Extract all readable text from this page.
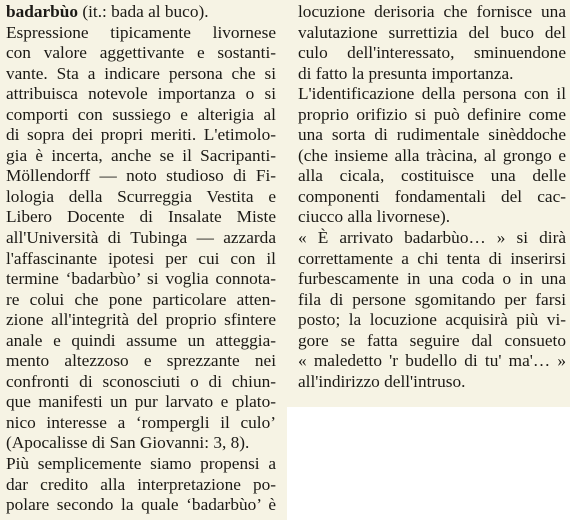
badarbùo (it.: bada al buco).
Espressione tipicamente livornese
con valore aggettivante e sostanti-
vante. Sta a indicare persona che si
attribuisca notevole importanza o si
comporti con sussiego e alterigia al
di sopra dei propri meriti. L'etimolo-
gia è incerta, anche se il Sacripanti-
Möllendorff — noto studioso di Fi-
lologia della Scurreggia Vestita e
Libero Docente di Insalate Miste
all'Università di Tubinga — azzarda
l'affascinante ipotesi per cui con il
termine ‘badarbùo’ si voglia connota-
re colui che pone particolare atten-
zione all'integrità del proprio sfintere
anale e quindi assume un atteggia-
mento altezzoso e sprezzante nei
confronti di sconosciuti o di chiun-
que manifesti un pur larvato e plato-
nico interesse a ‘rompergli il culo’
(Apocalisse di San Giovanni: 3, 8).
Più semplicemente siamo propensi a
dar credito alla interpretazione po-
polare secondo la quale ‘badarbùo’ è
locuzione derisoria che fornisce una
valutazione surrettizia del buco del
culo dell'interessato, sminuendone
di fatto la presunta importanza.
L'identificazione della persona con il
proprio orifizio si può definire come
una sorta di rudimentale sinèddoche
(che insieme alla tràcina, al grongo e
alla cicala, costituisce una delle
componenti fondamentali del cac-
ciucco alla livornese).
« È arrivato badarbùo… » si dirà
correttamente a chi tenta di inserirsi
furbescamente in una coda o in una
fila di persone sgomitando per farsi
posto; la locuzione acquisirà più vi-
gore se fatta seguire dal consueto
« maledetto 'r budello di tu' ma'… »
all'indirizzo dell'intruso.
